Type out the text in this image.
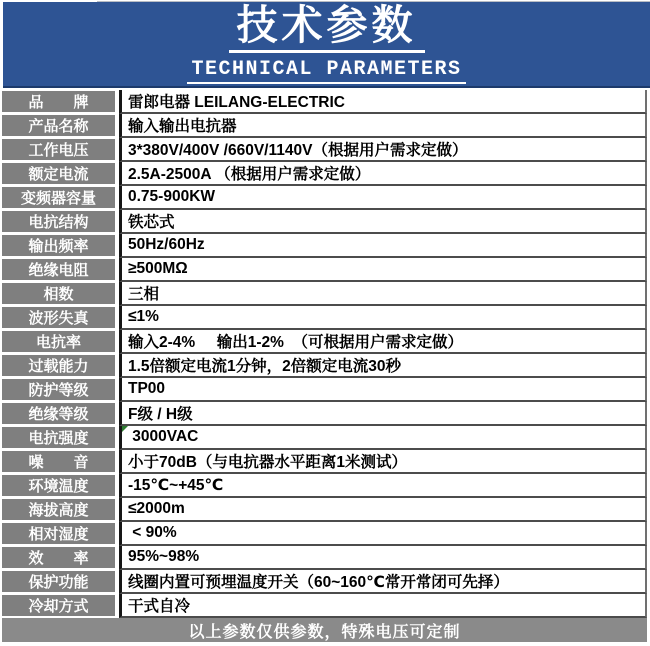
技术参数
TECHNICAL PARAMETERS
品　　牌	雷郎电器 LEILANG-ELECTRIC
产品名称	输入输出电抗器
工作电压	3*380V/400V /660V/1140V（根据用户需求定做）
额定电流	2.5A-2500A （根据用户需求定做）
变频器容量	0.75-900KW
电抗结构	铁芯式
输出频率	50Hz/60Hz
绝缘电阻	≥500MΩ
相数	三相
波形失真	≤1%
电抗率	输入2-4%     输出1-2%  （可根据用户需求定做）
过载能力	1.5倍额定电流1分钟，2倍额定电流30秒
防护等级	TP00
绝缘等级	F级 / H级
电抗强度	3000VAC
噪　　音	小于70dB（与电抗器水平距离1米测试）
环境温度	-15℃~+45℃
海拔高度	≤2000m
相对湿度	< 90%
效　　率	95%~98%
保护功能	线圈内置可预埋温度开关（60~160℃常开常闭可先择）
冷却方式	干式自冷
以上参数仅供参数，特殊电压可定制
